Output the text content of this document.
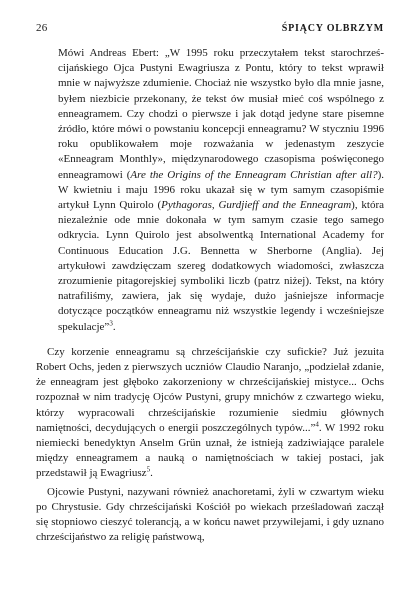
26	ŚPIĄCY OLBRZYM

Mówi Andreas Ebert: „W 1995 roku przeczytałem tekst starochrześcijańskiego Ojca Pustyni Ewagriusza z Pontu, który to tekst wprawił mnie w najwyższe zdumienie. Chociaż nie wszystko było dla mnie jasne, byłem niezbicie przekonany, że tekst ów musiał mieć coś wspólnego z enneagramem. Czy chodzi o pierwsze i jak dotąd jedyne stare pisemne źródło, które mówi o powstaniu koncepcji enneagramu? W styczniu 1996 roku opublikowałem moje rozważania w jedenastym zeszycie «Enneagram Monthly», międzynarodowego czasopisma poświęconego enneagramowi (Are the Origins of the Enneagram Christian after all?). W kwietniu i maju 1996 roku ukazał się w tym samym czasopiśmie artykuł Lynn Quirolo (Pythagoras, Gurdjieff and the Enneagram), która niezależnie ode mnie dokonała w tym samym czasie tego samego odkrycia. Lynn Quirolo jest absolwentką International Academy for Continuous Education J.G. Bennetta w Sherborne (Anglia). Jej artykułowi zawdzięczam szereg dodatkowych wiadomości, zwłaszcza zrozumienie pitagorejskiej symboliki liczb (patrz niżej). Tekst, na który natrafiliśmy, zawiera, jak się wydaje, dużo jaśniejsze informacje dotyczące początków enneagramu niż wszystkie legendy i wcześniejsze spekulacje”$^3$.

Czy korzenie enneagramu są chrześcijańskie czy sufickie? Już jezuita Robert Ochs, jeden z pierwszych uczniów Claudio Naranjo, „podzielał zdanie, że enneagram jest głęboko zakorzeniony w chrześcijańskiej mistyce... Ochs rozpoznał w nim tradycję Ojców Pustyni, grupy mnichów z czwartego wieku, którzy wypracowali chrześcijańskie rozumienie siedmiu głównych namiętności, decydujących o energii poszczególnych typów...”$^4$. W 1992 roku niemiecki benedyktyn Anselm Grün uznał, że istnieją zadziwiające paralele między enneagramem a nauką o namiętnościach w takiej postaci, jak przedstawił ją Ewagriusz$^5$.

Ojcowie Pustyni, nazywani również anachoretami, żyli w czwartym wieku po Chrystusie. Gdy chrześcijański Kościół po wiekach prześladowań zaczął się stopniowo cieszyć tolerancją, a w końcu nawet przywilejami, i gdy uznano chrześcijaństwo za religię państwową,
